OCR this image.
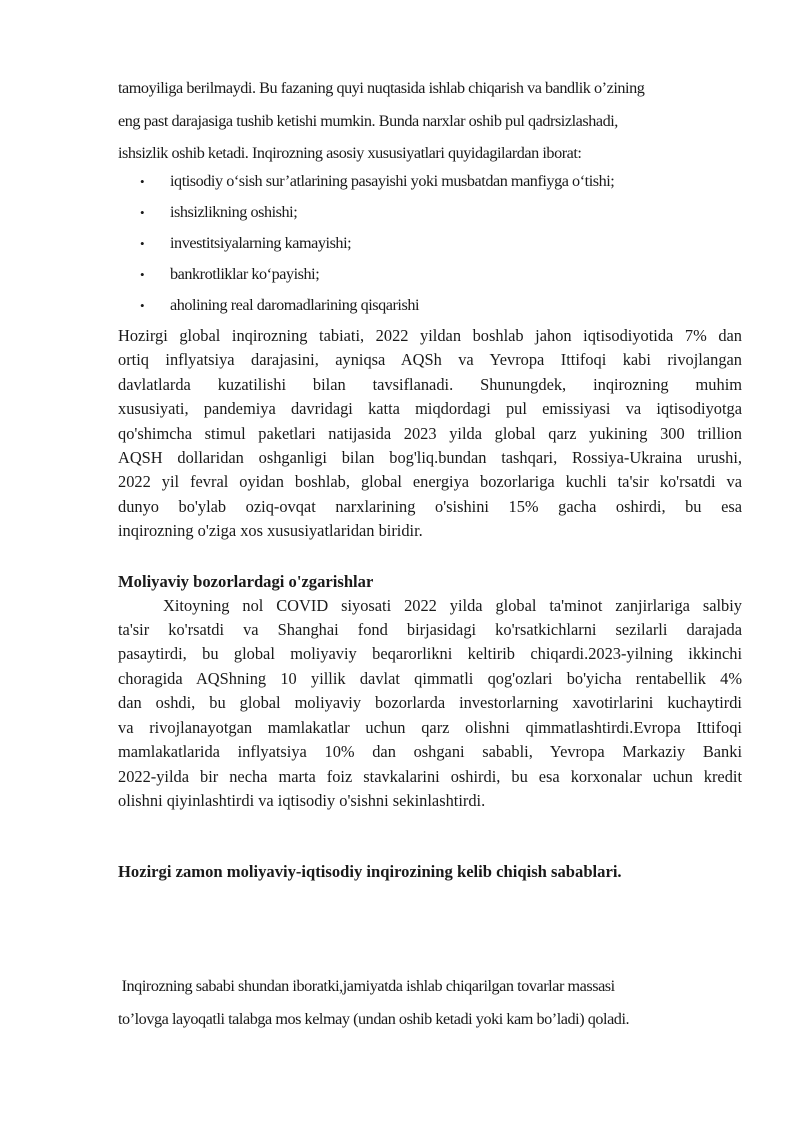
tamoyiliga berilmaydi. Bu fazaning quyi nuqtasida ishlab chiqarish va bandlik o’zining
eng past darajasiga tushib ketishi mumkin. Bunda narxlar oshib pul qadrsizlashadi,
ishsizlik oshib ketadi. Inqirozning asosiy xususiyatlari quyidagilardan iborat:

• iqtisodiy o‘sish sur’atlarining pasayishi yoki musbatdan manfiyga o‘tishi;
• ishsizlikning oshishi;
• investitsiyalarning kamayishi;
• bankrotliklar ko‘payishi;
• aholining real daromadlarining qisqarishi

Hozirgi global inqirozning tabiati, 2022 yildan boshlab jahon iqtisodiyotida 7% dan
ortiq inflyatsiya darajasini, ayniqsa AQSh va Yevropa Ittifoqi kabi rivojlangan
davlatlarda kuzatilishi bilan tavsiflanadi. Shunungdek, inqirozning muhim
xususiyati, pandemiya davridagi katta miqdordagi pul emissiyasi va iqtisodiyotga
qo'shimcha stimul paketlari natijasida 2023 yilda global qarz yukining 300 trillion
AQSH dollaridan oshganligi bilan bog'liq.bundan tashqari, Rossiya-Ukraina urushi,
2022 yil fevral oyidan boshlab, global energiya bozorlariga kuchli ta'sir ko'rsatdi va
dunyo bo'ylab oziq-ovqat narxlarining o'sishini 15% gacha oshirdi, bu esa
inqirozning o'ziga xos xususiyatlaridan biridir.

Moliyaviy bozorlardagi o'zgarishlar

Xitoyning nol COVID siyosati 2022 yilda global ta'minot zanjirlariga salbiy
ta'sir ko'rsatdi va Shanghai fond birjasidagi ko'rsatkichlarni sezilarli darajada
pasaytirdi, bu global moliyaviy beqarorlikni keltirib chiqardi.2023-yilning ikkinchi
choragida AQShning 10 yillik davlat qimmatli qog'ozlari bo'yicha rentabellik 4%
dan oshdi, bu global moliyaviy bozorlarda investorlarning xavotirlarini kuchaytirdi
va rivojlanayotgan mamlakatlar uchun qarz olishni qimmatlashtirdi.Evropa Ittifoqi
mamlakatlarida inflyatsiya 10% dan oshgani sababli, Yevropa Markaziy Banki
2022-yilda bir necha marta foiz stavkalarini oshirdi, bu esa korxonalar uchun kredit
olishni qiyinlashtirdi va iqtisodiy o'sishni sekinlashtirdi.

Hozirgi zamon moliyaviy-iqtisodiy inqirozining kelib chiqish sabablari.

Inqirozning sababi shundan iboratki,jamiyatda ishlab chiqarilgan tovarlar massasi
to’lovga layoqatli talabga mos kelmay (undan oshib ketadi yoki kam bo’ladi) qoladi.
